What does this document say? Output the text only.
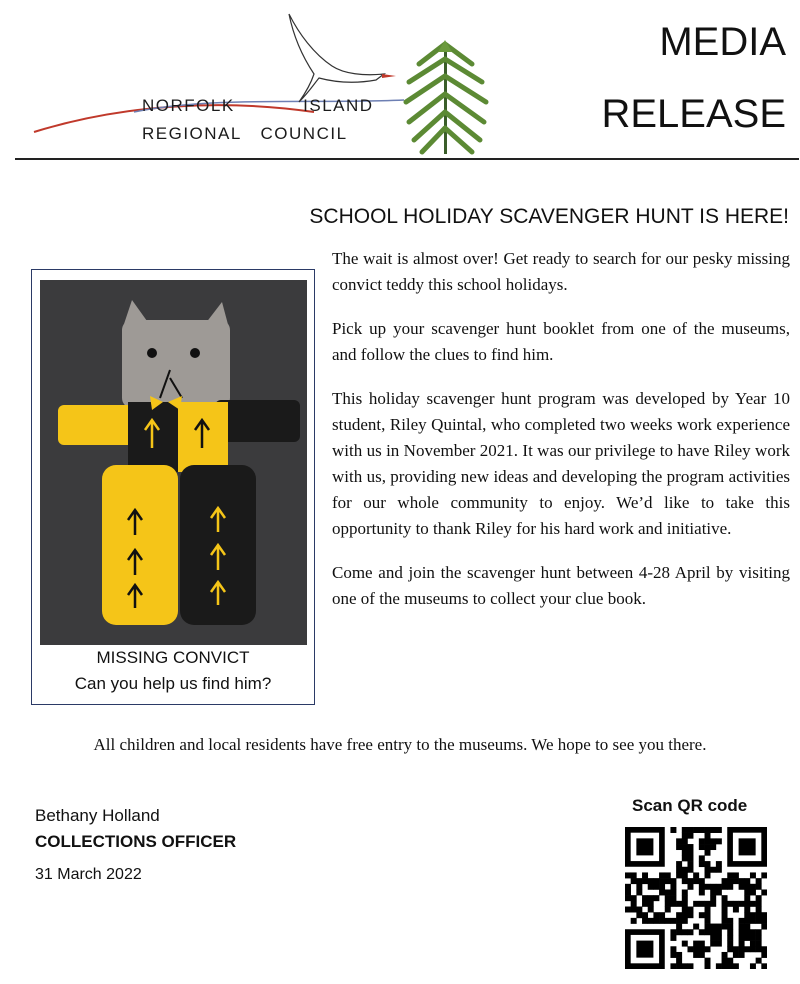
NORFOLK	ISLAND
REGIONAL COUNCIL
MEDIA
RELEASE
SCHOOL HOLIDAY SCAVENGER HUNT IS HERE!
MISSING CONVICT
Can you help us find him?

The wait is almost over! Get ready to search for our pesky missing convict teddy this school holidays.

Pick up your scavenger hunt booklet from one of the museums, and follow the clues to find him.

This holiday scavenger hunt program was developed by Year 10 student, Riley Quintal, who completed two weeks work experience with us in November 2021. It was our privilege to have Riley work with us, providing new ideas and developing the program activities for our whole community to enjoy. We’d like to take this opportunity to thank Riley for his hard work and initiative.

Come and join the scavenger hunt between 4-28 April by visiting one of the museums to collect your clue book.

All children and local residents have free entry to the museums. We hope to see you there.
Bethany Holland
COLLECTIONS OFFICER
31 March 2022
Scan QR code
